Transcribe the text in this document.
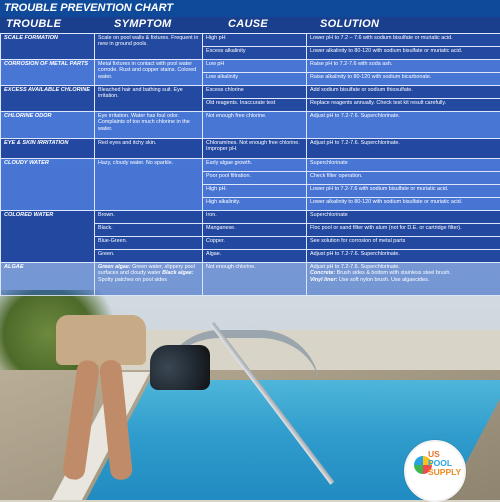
TROUBLE PREVENTION CHART
TROUBLE	SYMPTOM	CAUSE	SOLUTION
SCALE FORMATION	Scale on pool walls & fixtures. Frequent in new in ground pools.	High pH	Lower pH to 7.2 – 7.6 with sodium bisulfate or muriatic acid.
		Excess alkalinity	Lower alkalinity to 80-120 with sodium bisulfate or muriatic acid.
CORROSION OF METAL PARTS	Metal fixtures in contact with pool water corrode. Rust and copper stains. Colored water.	Low pH	Raise pH to 7.2-7.6 with soda ash.
		Low alkalinity	Raise alkalinity to 80-120 with sodium bicarbonate.
EXCESS AVAILABLE CHLORINE	Bleached hair and bathing suit. Eye irritation.	Excess chlorine	Add sodium bisulfate or sodium thiosulfate.
		Old reagents. Inaccurate test	Replace reagents annually. Check test kit result carefully.
CHLORINE ODOR	Eye irritation. Water has foul odor. Complaints of too much chlorine in the water.	Not enough free chlorine.	Adjust pH to 7.2-7.6. Superchlorinate.
EYE & SKIN IRRITATION	Red eyes and itchy skin.	Chloramines. Not enough free chlorine. Improper pH.	Adjust pH to 7.2-7.6. Superchlorinate.
CLOUDY WATER	Hazy, cloudy water. No sparkle.	Early algae growth.	Superchlorinate
		Poor pool filtration.	Check filter operation.
		High pH.	Lower pH to 7.2-7.6 with sodium bisulfate or muriatic acid.
		High alkalinity.	Lower alkalinity to 80-120 with sodium bisulfate or muriatic acid.
COLORED WATER	Brown.	Iron.	Superchlorinate
	Black.	Manganese.	Floc pool or sand filter with alum (not for D.E. or cartridge filter).
	Blue-Green.	Copper.	See solution for corrosion of metal parts
	Green.	Algae.	Adjust pH to 7.2-7.6. Superchlorinate.
ALGAE	Green algae: Green water, slippery pool surfaces and cloudy water Black algae: Spotty patches on pool sides	Not enough chlorine.	Adjust pH to 7.2-7.6. Superchlorinate.
Concrete: Brush sides & bottom with stainless steel brush.
Vinyl liner: Use soft nylon brush. Use algaecides.
US
POOL
SUPPLY
